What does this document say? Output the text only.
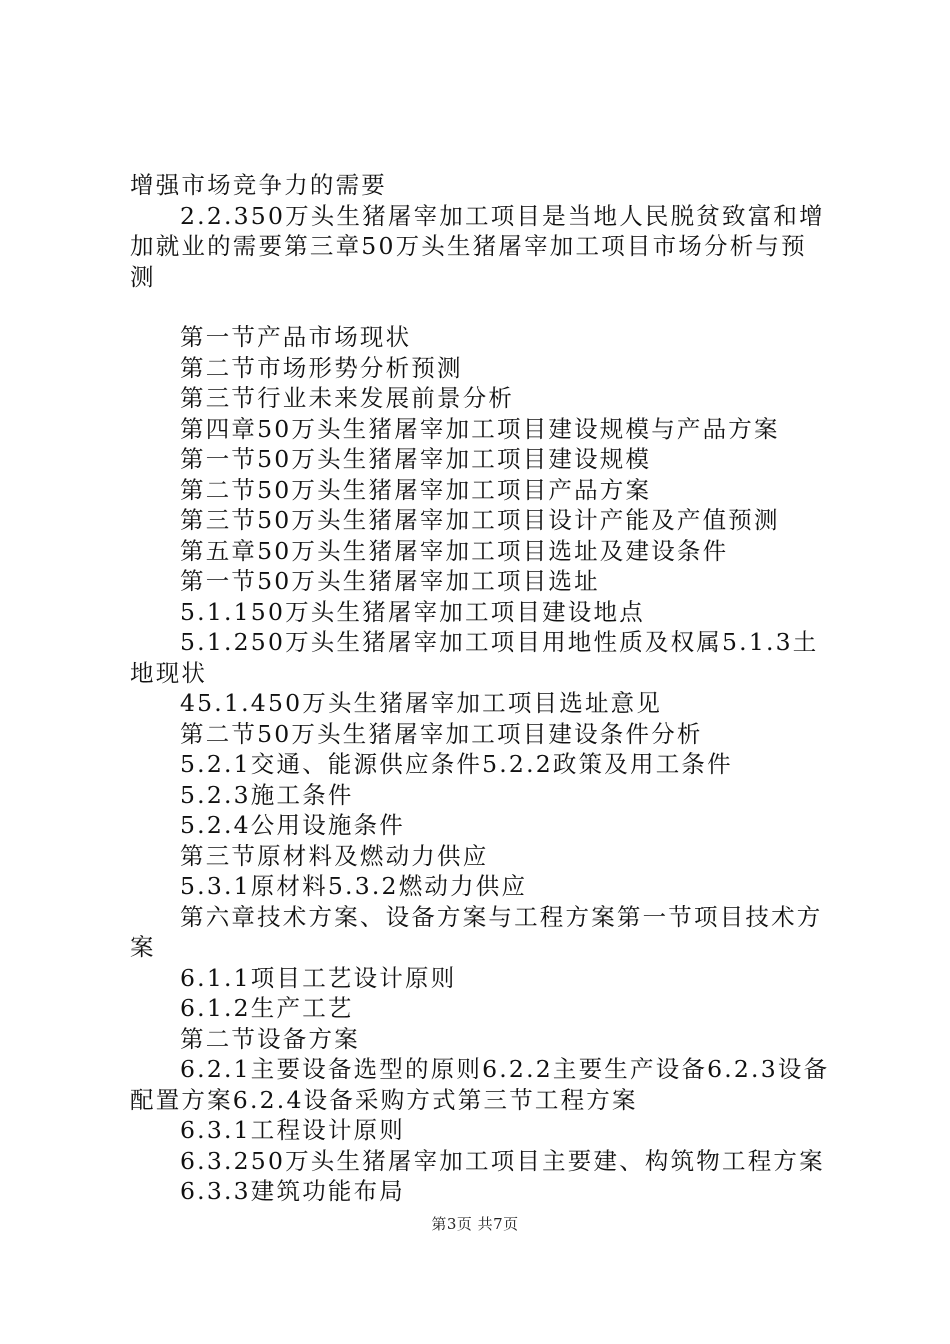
增强市场竞争力的需要

2.2.350万头生猪屠宰加工项目是当地人民脱贫致富和增加就业的需要第三章50万头生猪屠宰加工项目市场分析与预测

第一节产品市场现状

第二节市场形势分析预测

第三节行业未来发展前景分析

第四章50万头生猪屠宰加工项目建设规模与产品方案

第一节50万头生猪屠宰加工项目建设规模

第二节50万头生猪屠宰加工项目产品方案

第三节50万头生猪屠宰加工项目设计产能及产值预测

第五章50万头生猪屠宰加工项目选址及建设条件

第一节50万头生猪屠宰加工项目选址

5.1.150万头生猪屠宰加工项目建设地点

5.1.250万头生猪屠宰加工项目用地性质及权属5.1.3土地现状

45.1.450万头生猪屠宰加工项目选址意见

第二节50万头生猪屠宰加工项目建设条件分析

5.2.1交通、能源供应条件5.2.2政策及用工条件

5.2.3施工条件

5.2.4公用设施条件

第三节原材料及燃动力供应

5.3.1原材料5.3.2燃动力供应

第六章技术方案、设备方案与工程方案第一节项目技术方案

6.1.1项目工艺设计原则

6.1.2生产工艺

第二节设备方案

6.2.1主要设备选型的原则6.2.2主要生产设备6.2.3设备配置方案6.2.4设备采购方式第三节工程方案

6.3.1工程设计原则

6.3.250万头生猪屠宰加工项目主要建、构筑物工程方案

6.3.3建筑功能布局

第3页 共7页
